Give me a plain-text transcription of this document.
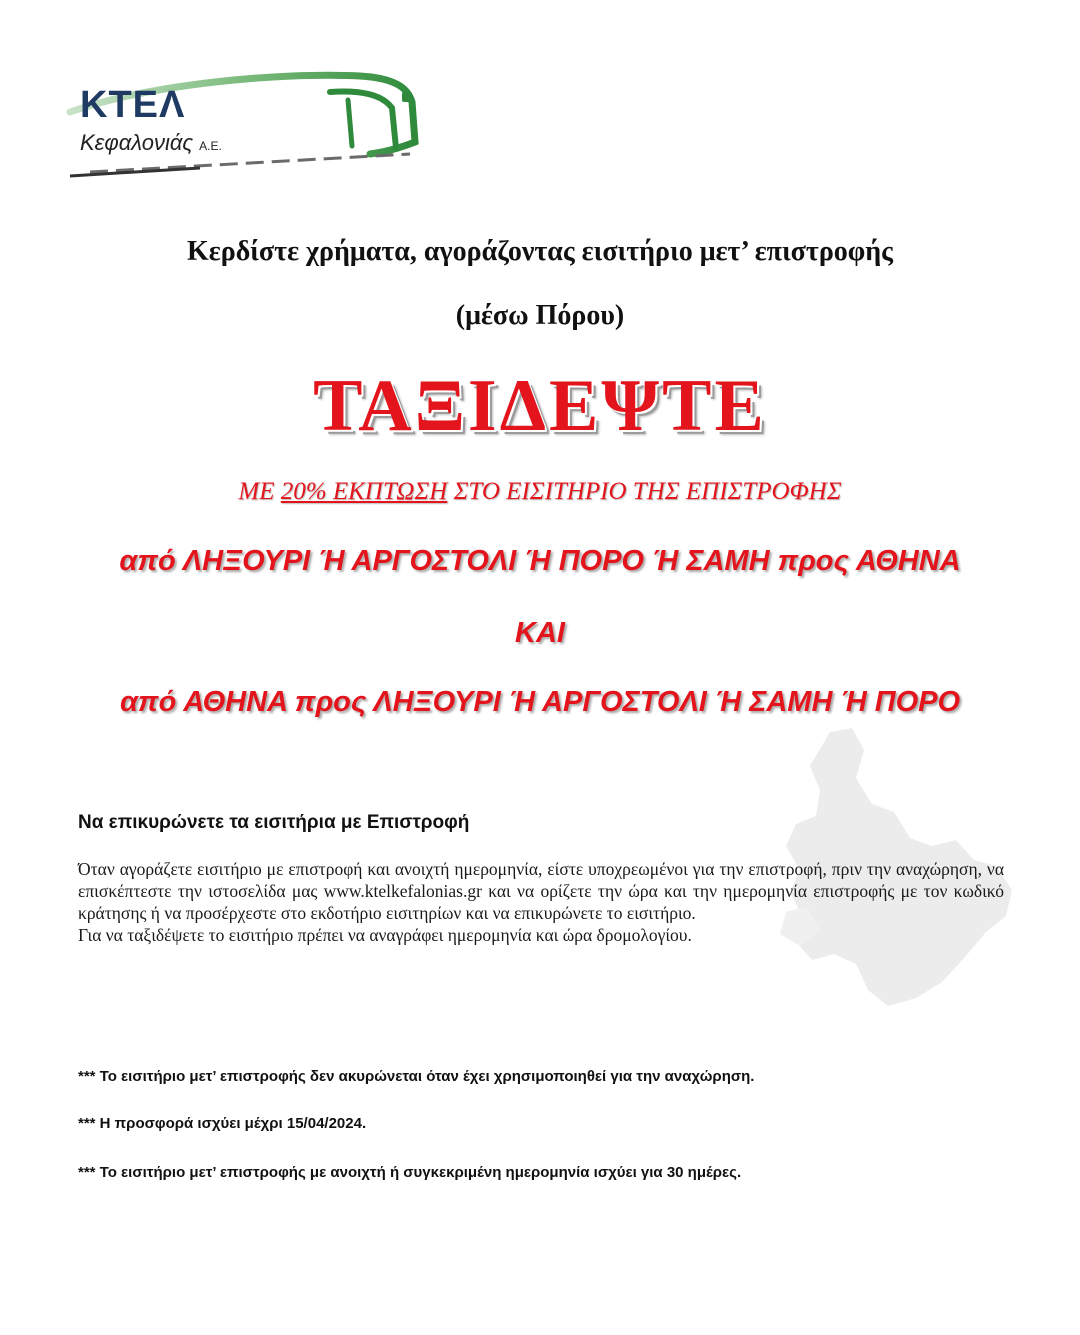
ΚΤΕΛ
Κεφαλονιάς Α.Ε.
Κερδίστε χρήματα, αγοράζοντας εισιτήριο μετ’ επιστροφής
(μέσω Πόρου)
ΤΑΞΙΔΕΨΤΕ
ΜΕ 20% ΕΚΠΤΩΣΗ ΣΤΟ ΕΙΣΙΤΗΡΙΟ ΤΗΣ ΕΠΙΣΤΡΟΦΗΣ
από ΛΗΞΟΥΡΙ Ή ΑΡΓΟΣΤΟΛΙ Ή ΠΟΡΟ Ή ΣΑΜΗ προς ΑΘΗΝΑ
ΚΑΙ
από ΑΘΗΝΑ προς ΛΗΞΟΥΡΙ Ή ΑΡΓΟΣΤΟΛΙ Ή ΣΑΜΗ Ή ΠΟΡΟ
Να επικυρώνετε τα εισιτήρια με Επιστροφή

Όταν αγοράζετε εισιτήριο με επιστροφή και ανοιχτή ημερομηνία, είστε υποχρεωμένοι για την επιστροφή, πριν την αναχώρηση, να επισκέπτεστε την ιστοσελίδα μας www.ktelkefalonias.gr και να ορίζετε την ώρα και την ημερομηνία επιστροφής με τον κωδικό κράτησης ή να προσέρχεστε στο εκδοτήριο εισιτηρίων και να επικυρώνετε το εισιτήριο.

Για να ταξιδέψετε το εισιτήριο πρέπει να αναγράφει ημερομηνία και ώρα δρομολογίου.

*** Το εισιτήριο μετ’ επιστροφής δεν ακυρώνεται όταν έχει χρησιμοποιηθεί για την αναχώρηση.
*** Η προσφορά ισχύει μέχρι 15/04/2024.
*** Το εισιτήριο μετ’ επιστροφής με ανοιχτή ή συγκεκριμένη ημερομηνία ισχύει για 30 ημέρες.
